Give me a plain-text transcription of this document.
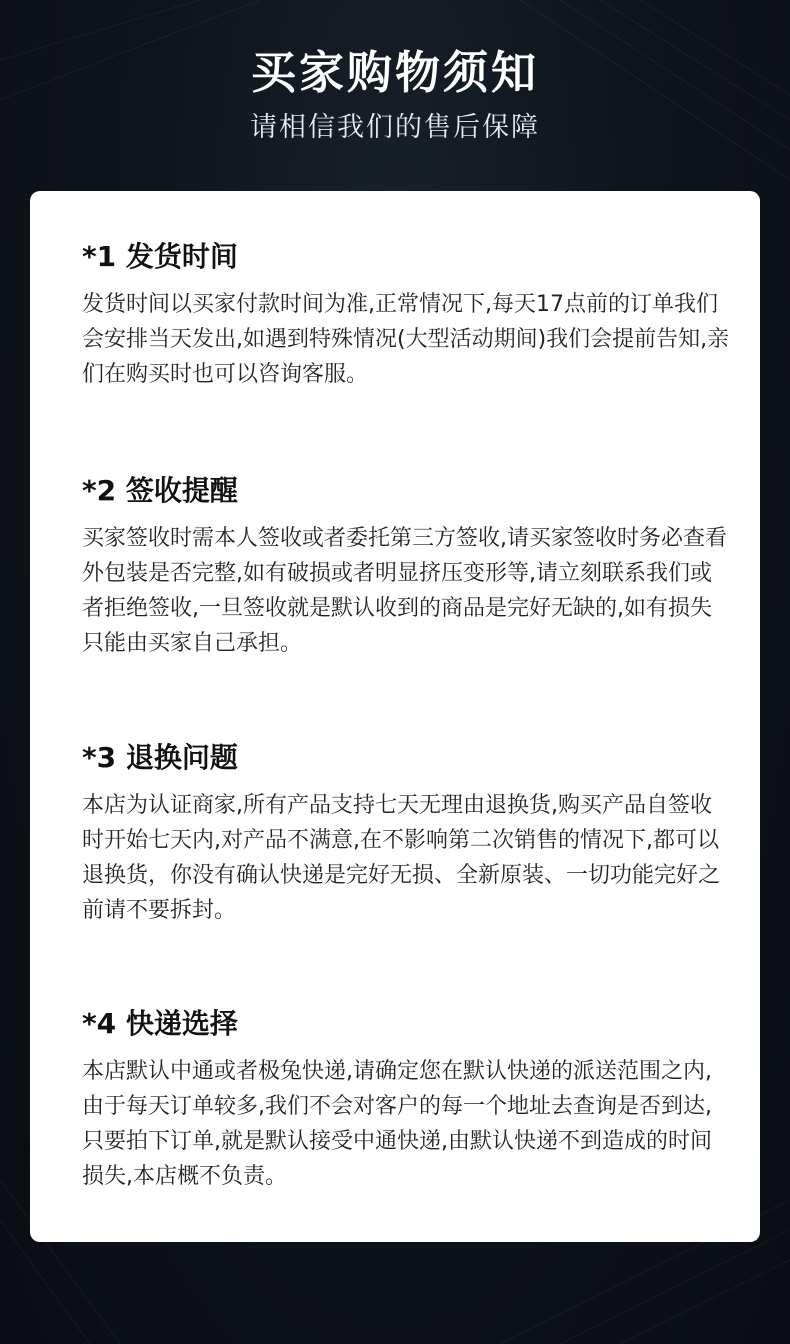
买家购物须知
请相信我们的售后保障
*1 发货时间
发货时间以买家付款时间为准,正常情况下,每天17点前的订单我们会安排当天发出,如遇到特殊情况(大型活动期间)我们会提前告知,亲们在购买时也可以咨询客服。
*2 签收提醒
买家签收时需本人签收或者委托第三方签收,请买家签收时务必查看外包装是否完整,如有破损或者明显挤压变形等,请立刻联系我们或者拒绝签收,一旦签收就是默认收到的商品是完好无缺的,如有损失只能由买家自己承担。
*3 退换问题
本店为认证商家,所有产品支持七天无理由退换货,购买产品自签收时开始七天内,对产品不满意,在不影响第二次销售的情况下,都可以退换货，你没有确认快递是完好无损、全新原装、一切功能完好之前请不要拆封。
*4 快递选择
本店默认中通或者极兔快递,请确定您在默认快递的派送范围之内,由于每天订单较多,我们不会对客户的每一个地址去查询是否到达,只要拍下订单,就是默认接受中通快递,由默认快递不到造成的时间损失,本店概不负责。
